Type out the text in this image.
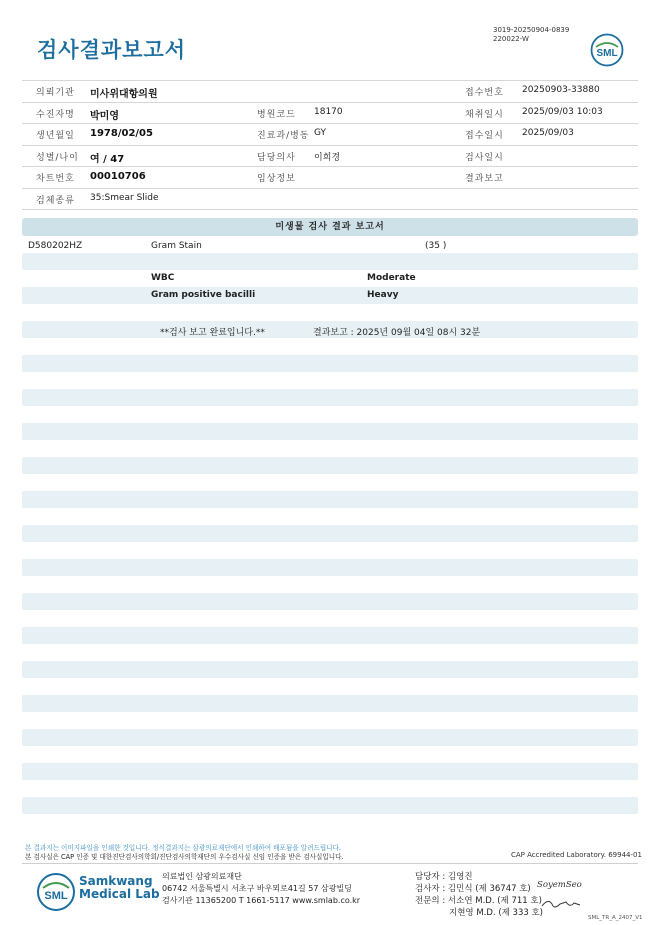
검사결과보고서
3019-20250904-0839
220022-W
SML
의뢰기관 미사위대항의원	접수번호 20250903-33880
수진자명 박미영	병원코드 18170	채취일시 2025/09/03 10:03
생년월일 1978/02/05	진료과/병동 GY	접수일시 2025/09/03
성별/나이 여 / 47	담당의사 이희경	검사일시
차트번호 00010706	임상정보	결과보고
검체종류 35:Smear Slide
미생물 검사 결과 보고서
D580202HZ	Gram Stain	(35 )
WBC	Moderate
Gram positive bacilli	Heavy
**검사 보고 완료입니다.**	결과보고 : 2025년 09월 04일 08시 32분
본 결과지는 이미지파일을 인쇄한 것입니다. 정식결과지는 삼광의료재단에서 인쇄하여 배포됨을 알려드립니다.
본 검사실은 CAP 인증 및 대한진단검사의학회/진단검사의학재단의 우수검사실 신임 인증을 받은 검사실입니다.	CAP Accredited Laboratory. 69944-01
SML
Samkwang
Medical Lab
의료법인 삼광의료재단
06742 서울특별시 서초구 바우뫼로41길 57 삼광빌딩
검사기관 11365200 T 1661-5117 www.smlab.co.kr
담당자 : 김영진
검사자 : 김민식 (제 36747 호)
전문의 : 서소연 M.D. (제 711 호)
지현영 M.D. (제 333 호)
SoyemSeo
SML_TR_A_2407_V1
